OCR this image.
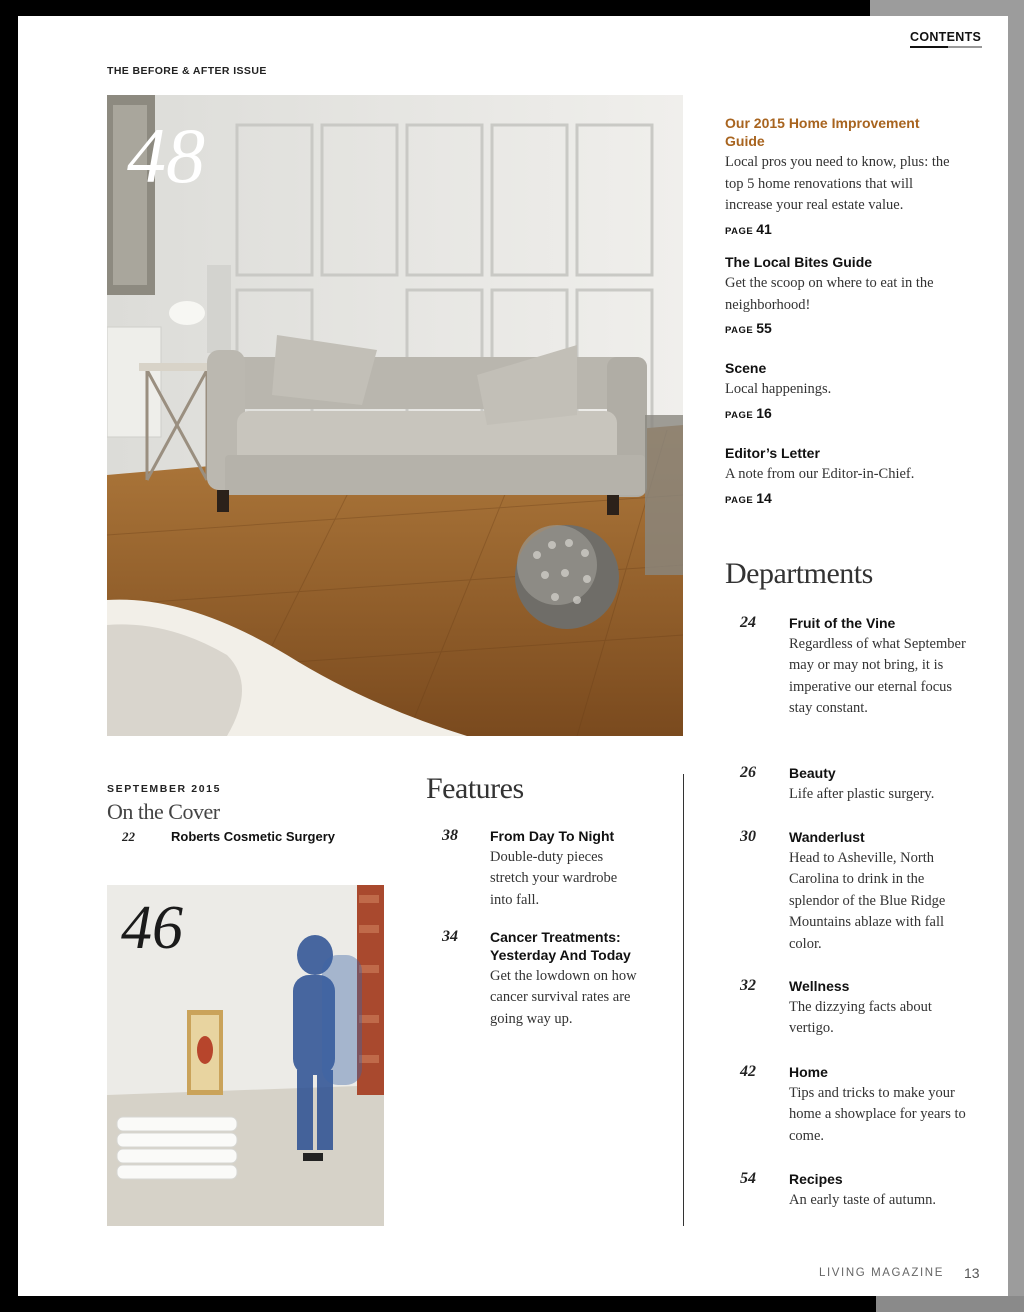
CONTENTS
THE BEFORE & AFTER ISSUE
48	Our 2015 Home Improvement Guide
Local pros you need to know, plus: the top 5 home renovations that will increase your real estate value.
PAGE 41
The Local Bites Guide
Get the scoop on where to eat in the neighborhood!
PAGE 55
Scene
Local happenings.
PAGE 16
Editor’s Letter
A note from our Editor-in-Chief.
PAGE 14
Departments
24 Fruit of the Vine
Regardless of what September may or may not bring, it is imperative our eternal focus stay constant.
26 Beauty
Life after plastic surgery.
30 Wanderlust
Head to Asheville, North Carolina to drink in the splendor of the Blue Ridge Mountains ablaze with fall color.
32 Wellness
The dizzying facts about vertigo.
42 Home
Tips and tricks to make your home a showplace for years to come.
54 Recipes
An early taste of autumn.
SEPTEMBER 2015
On the Cover
22	Roberts Cosmetic Surgery
46
Features
38 From Day To Night
Double-duty pieces stretch your wardrobe into fall.
34 Cancer Treatments: Yesterday And Today
Get the lowdown on how cancer survival rates are going way up.
LIVING MAGAZINE 13
